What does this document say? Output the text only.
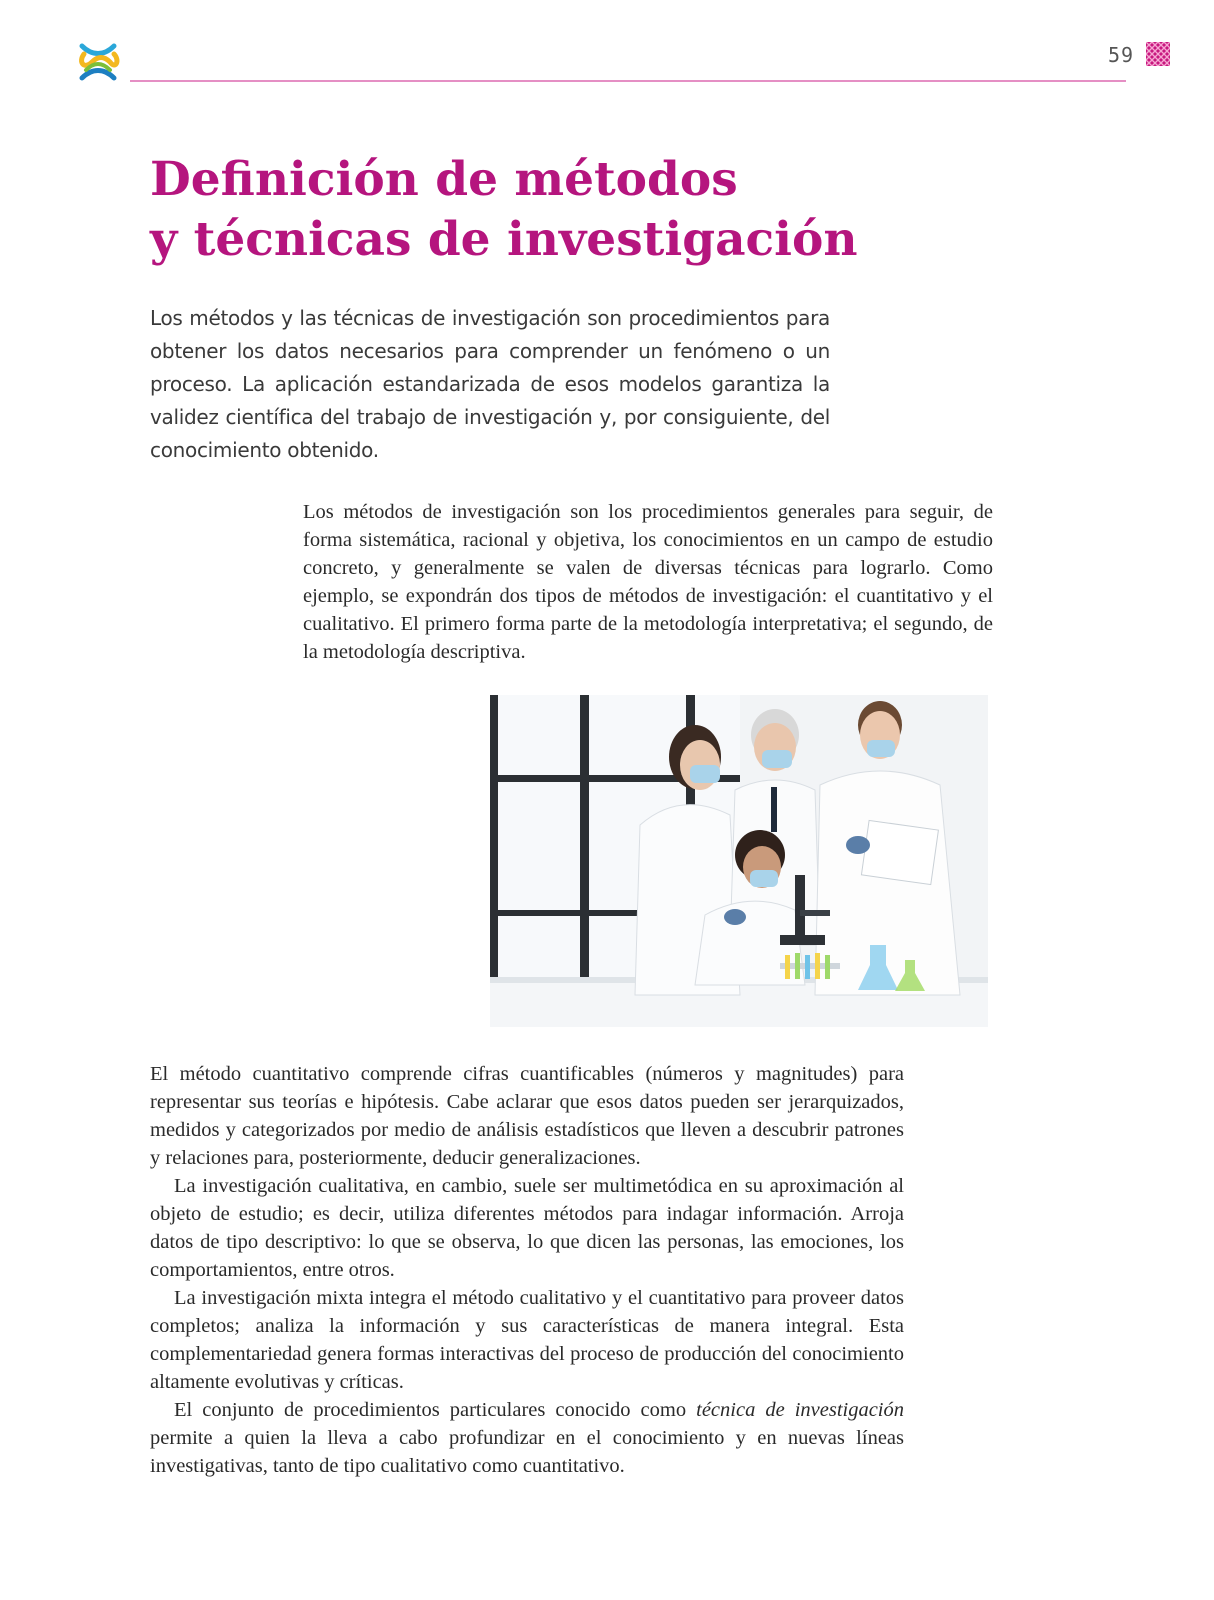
59
Definición de métodos
y técnicas de investigación

Los métodos y las técnicas de investigación son procedimientos para obtener los datos necesarios para comprender un fenómeno o un proceso. La aplicación estandarizada de esos modelos garantiza la validez científica del trabajo de investigación y, por consiguiente, del conocimiento obtenido.

Los métodos de investigación son los procedimientos generales para seguir, de forma sistemática, racional y objetiva, los conocimientos en un campo de estudio concreto, y generalmente se valen de diversas técnicas para lograrlo. Como ejemplo, se expondrán dos tipos de métodos de investigación: el cuantitativo y el cualitativo. El primero forma parte de la metodología interpretativa; el segundo, de la metodología descriptiva.

El método cuantitativo comprende cifras cuantificables (números y magnitudes) para representar sus teorías e hipótesis. Cabe aclarar que esos datos pueden ser jerarquizados, medidos y categorizados por medio de análisis estadísticos que lleven a descubrir patrones y relaciones para, posteriormente, deducir generalizaciones.

La investigación cualitativa, en cambio, suele ser multimetódica en su aproximación al objeto de estudio; es decir, utiliza diferentes métodos para indagar información. Arroja datos de tipo descriptivo: lo que se observa, lo que dicen las personas, las emociones, los comportamientos, entre otros.

La investigación mixta integra el método cualitativo y el cuantitativo para proveer datos completos; analiza la información y sus características de manera integral. Esta complementariedad genera formas interactivas del proceso de producción del conocimiento altamente evolutivas y críticas.

El conjunto de procedimientos particulares conocido como técnica de investigación permite a quien la lleva a cabo profundizar en el conocimiento y en nuevas líneas investigativas, tanto de tipo cualitativo como cuantitativo.
